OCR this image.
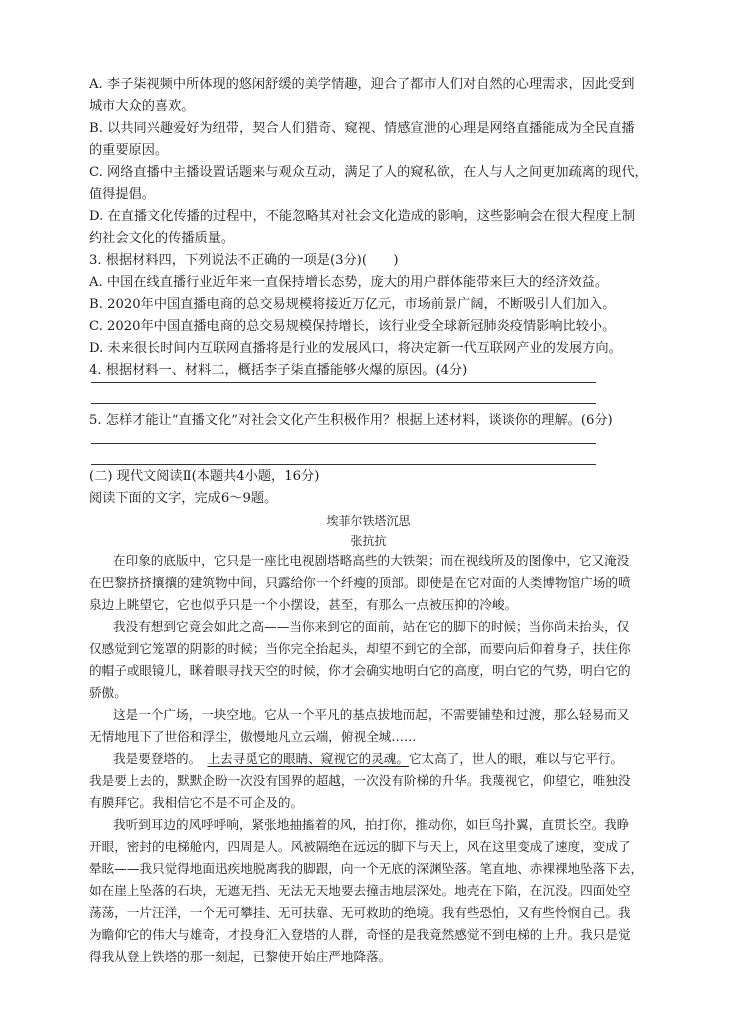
A. 李子柒视频中所体现的悠闲舒缓的美学情趣，迎合了都市人们对自然的心理需求，因此受到
城市大众的喜欢。
B. 以共同兴趣爱好为纽带，契合人们猎奇、窥视、情感宣泄的心理是网络直播能成为全民直播
的重要原因。
C. 网络直播中主播设置话题来与观众互动，满足了人的窥私欲，在人与人之间更加疏离的现代，
值得提倡。
D. 在直播文化传播的过程中，不能忽略其对社会文化造成的影响，这些影响会在很大程度上制
约社会文化的传播质量。
3. 根据材料四，下列说法不正确的一项是(3分)(　　)
A. 中国在线直播行业近年来一直保持增长态势，庞大的用户群体能带来巨大的经济效益。
B. 2020年中国直播电商的总交易规模将接近万亿元，市场前景广阔，不断吸引人们加入。
C. 2020年中国直播电商的总交易规模保持增长，该行业受全球新冠肺炎疫情影响比较小。
D. 未来很长时间内互联网直播将是行业的发展风口，将决定新一代互联网产业的发展方向。
4. 根据材料一、材料二，概括李子柒直播能够火爆的原因。(4分)
5. 怎样才能让“直播文化”对社会文化产生积极作用？根据上述材料，谈谈你的理解。(6分)
(二) 现代文阅读Ⅱ(本题共4小题，16分)
阅读下面的文字，完成6～9题。
埃菲尔铁塔沉思
张抗抗
在印象的底版中，它只是一座比电视剧塔略高些的大铁架；而在视线所及的图像中，它又淹没
在巴黎挤挤攘攘的建筑物中间，只露给你一个纤瘦的顶部。即使是在它对面的人类博物馆广场的喷
泉边上眺望它，它也似乎只是一个小摆设，甚至，有那么一点被压抑的冷峻。
我没有想到它竟会如此之高——当你来到它的面前，站在它的脚下的时候；当你尚未抬头，仅
仅感觉到它笼罩的阴影的时候；当你完全抬起头，却望不到它的全部，而要向后仰着身子，扶住你
的帽子或眼镜儿，眯着眼寻找天空的时候，你才会确实地明白它的高度，明白它的气势，明白它的
骄傲。
这是一个广场，一块空地。它从一个平凡的基点拔地而起，不需要铺垫和过渡，那么轻易而又
无情地甩下了世俗和浮尘，傲慢地凡立云端，俯视全城……
我是要登塔的。　 上去寻觅它的眼睛、窥视它的灵魂。它太高了，世人的眼，难以与它平行。
我是要上去的，默默企盼一次没有国界的超越，一次没有阶梯的升华。我蔑视它，仰望它，唯独没
有膜拜它。我相信它不是不可企及的。
我听到耳边的风呼呼响，紧张地抽搐着的风，拍打你，推动你，如巨鸟扑翼，直贯长空。我睁
开眼，密封的电梯舱内，四周是人。风被隔绝在远远的脚下与天上，风在这里变成了速度，变成了
晕眩——我只觉得地面迅疾地脱离我的脚跟，向一个无底的深渊坠落。笔直地、赤裸裸地坠落下去，
如在崖上坠落的石块，无遮无挡、无法无天地要去撞击地层深处。地壳在下陷，在沉没。四面处空
荡荡，一片汪洋，一个无可攀挂、无可扶靠、无可救助的绝境。我有些恐怕，又有些怜悯自己。我
为瞻仰它的伟大与雄奇，才投身汇入登塔的人群，奇怪的是我竟然感觉不到电梯的上升。我只是觉
得我从登上铁塔的那一刻起，已黎使开始庄严地降落。
